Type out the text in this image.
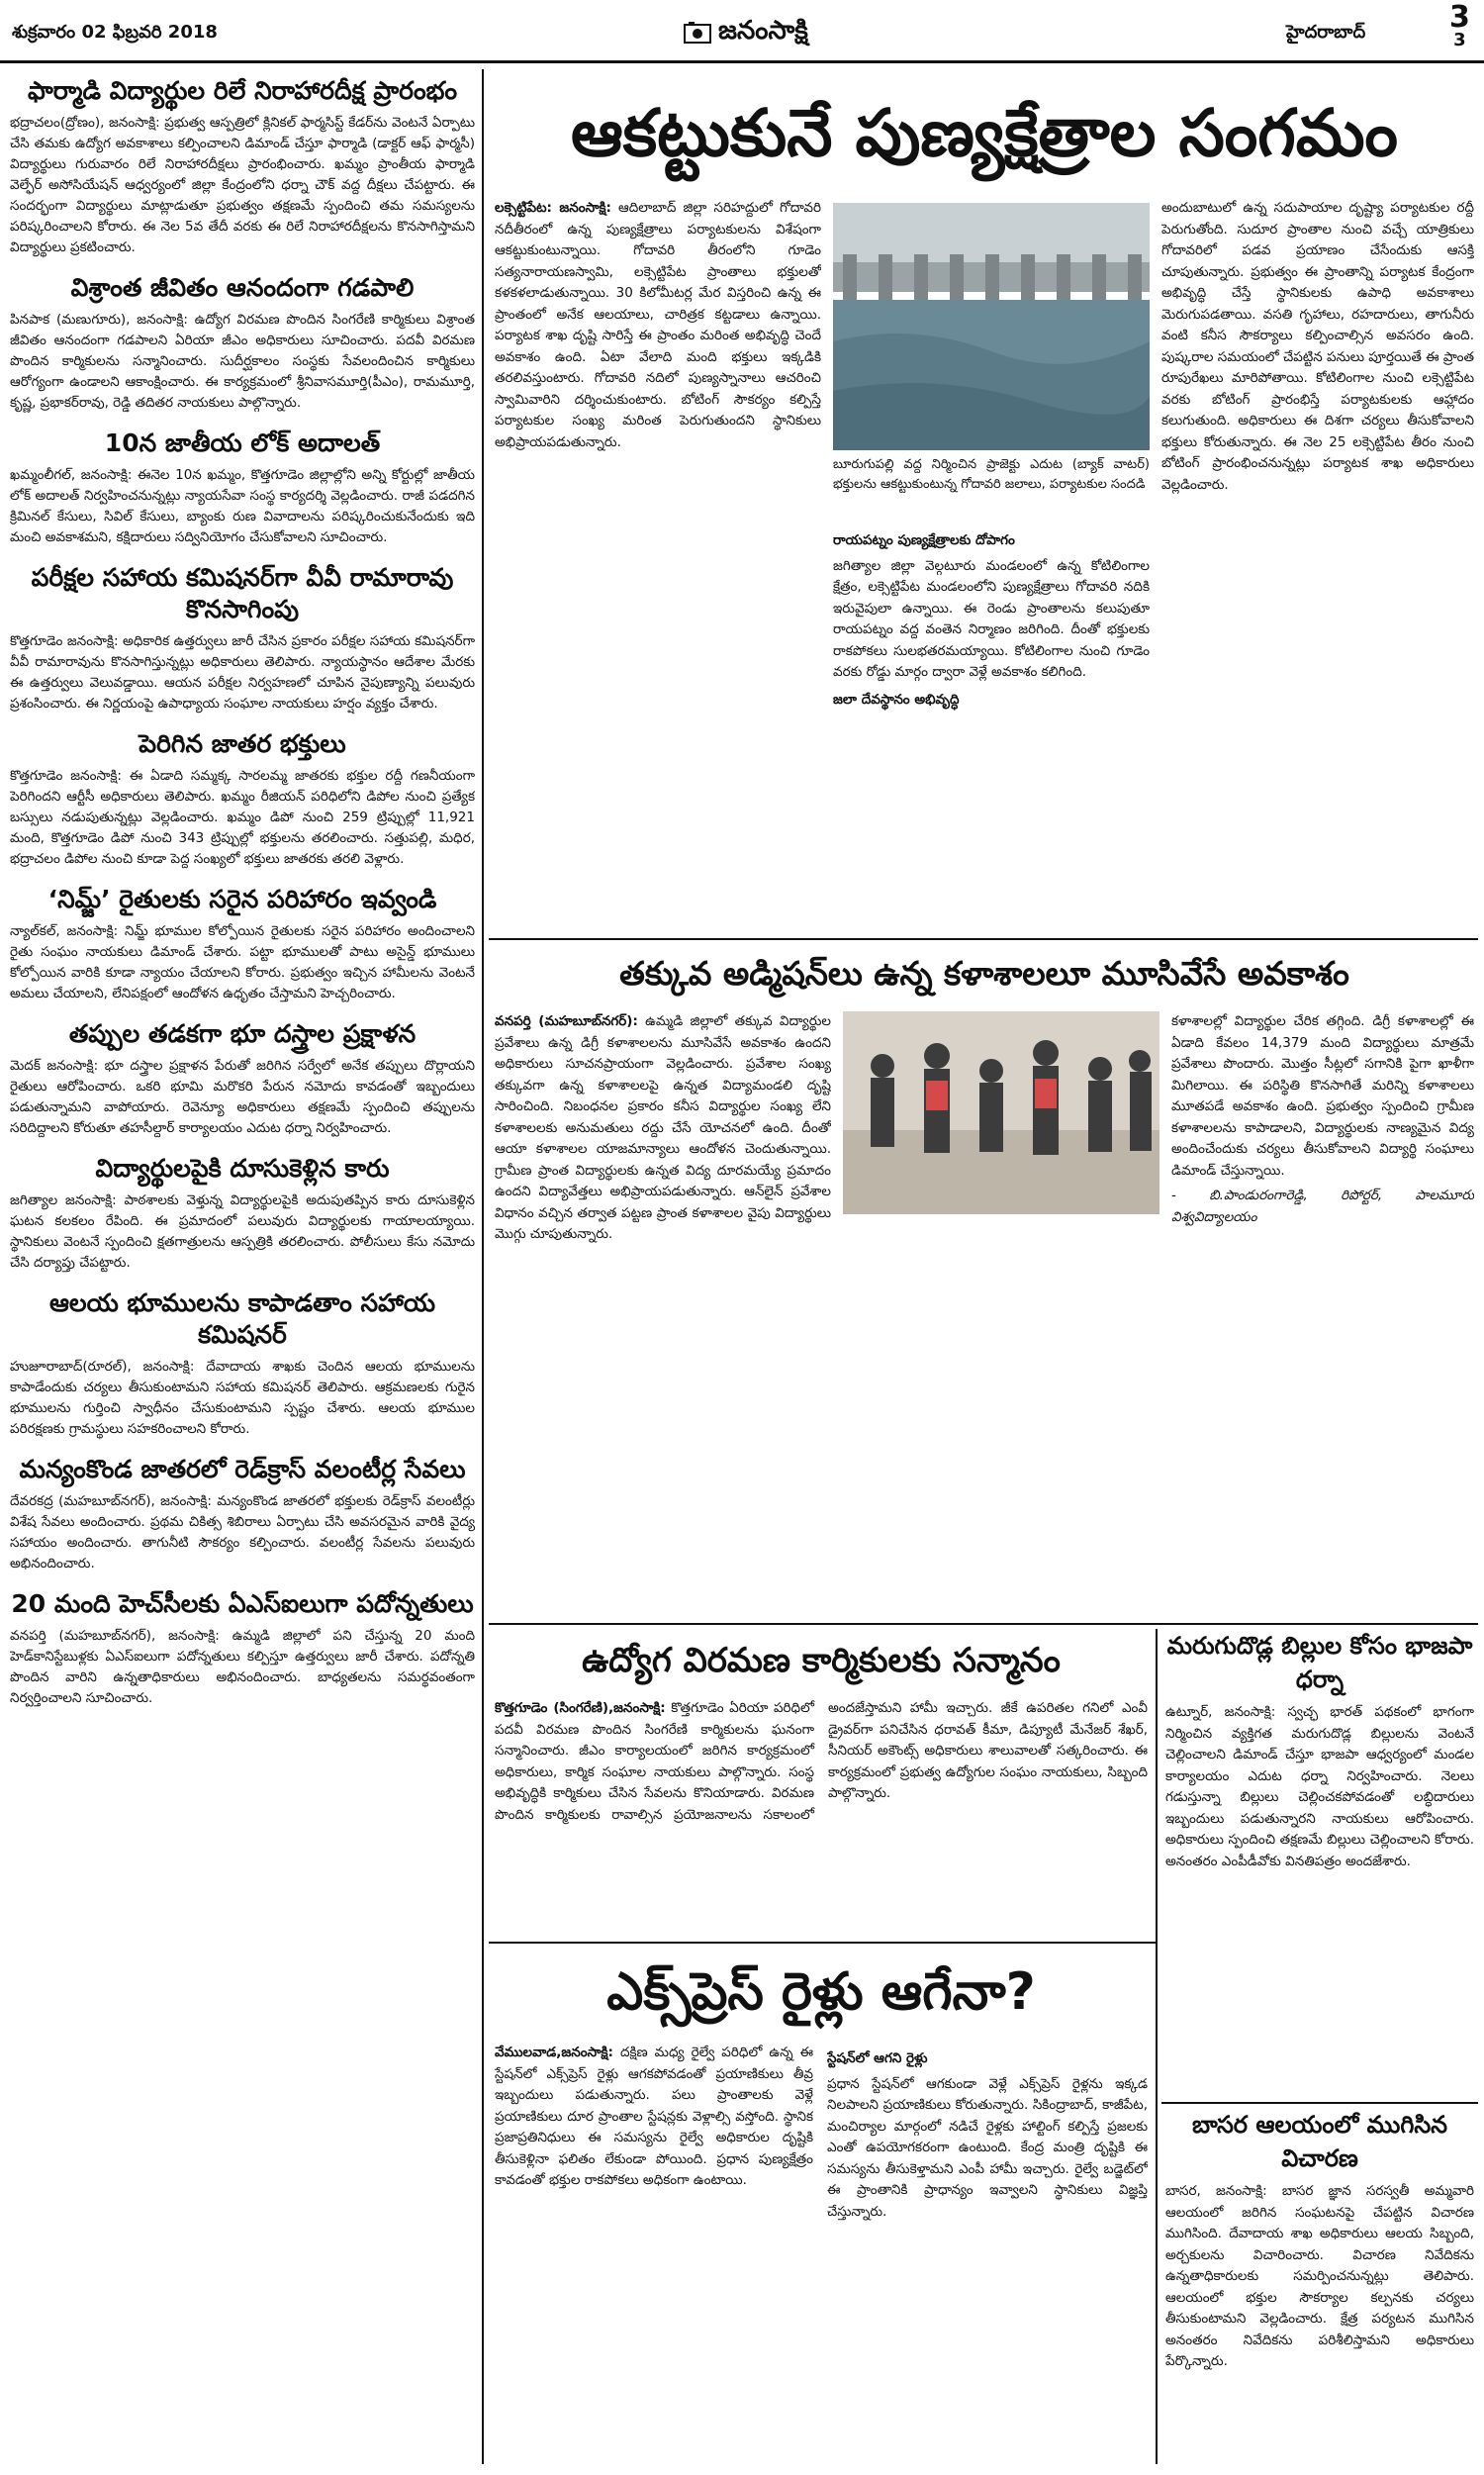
శుక్రవారం 02 ఫిబ్రవరి 2018	జనంసాక్షి	హైదరాబాద్	3
3
ఫార్మాడి విద్యార్థుల రిలే నిరాహారదీక్ష ప్రారంభం

భద్రాచలం(ద్రోణం), జనంసాక్షి: ప్రభుత్వ ఆస్పత్రిలో క్లినికల్ ఫార్మసిస్ట్ కేడర్‌ను వెంటనే ఏర్పాటు చేసి తమకు ఉద్యోగ అవకాశాలు కల్పించాలని డిమాండ్ చేస్తూ ఫార్మాడి (డాక్టర్ ఆఫ్ ఫార్మసీ) విద్యార్థులు గురువారం రిలే నిరాహారదీక్షలు ప్రారంభించారు. ఖమ్మం ప్రాంతీయ ఫార్మాడి వెల్ఫేర్ అసోసియేషన్ ఆధ్వర్యంలో జిల్లా కేంద్రంలోని ధర్నా చౌక్ వద్ద దీక్షలు చేపట్టారు. ఈ సందర్భంగా విద్యార్థులు మాట్లాడుతూ ప్రభుత్వం తక్షణమే స్పందించి తమ సమస్యలను పరిష్కరించాలని కోరారు. ఈ నెల 5వ తేదీ వరకు ఈ రిలే నిరాహారదీక్షలను కొనసాగిస్తామని విద్యార్థులు ప్రకటించారు.

విశ్రాంత జీవితం ఆనందంగా గడపాలి

పినపాక (మణుగూరు), జనంసాక్షి: ఉద్యోగ విరమణ పొందిన సింగరేణి కార్మికులు విశ్రాంత జీవితం ఆనందంగా గడపాలని ఏరియా జీఎం అధికారులు సూచించారు. పదవీ విరమణ పొందిన కార్మికులను సన్మానించారు. సుదీర్ఘకాలం సంస్థకు సేవలందించిన కార్మికులు ఆరోగ్యంగా ఉండాలని ఆకాంక్షించారు. ఈ కార్యక్రమంలో శ్రీనివాసమూర్తి(పీఎం), రామమూర్తి, కృష్ణ, ప్రభాకర్‌రావు, రెడ్డి తదితర నాయకులు పాల్గొన్నారు.

10న జాతీయ లోక్ అదాలత్

ఖమ్మంలీగల్, జనంసాక్షి: ఈనెల 10న ఖమ్మం, కొత్తగూడెం జిల్లాల్లోని అన్ని కోర్టుల్లో జాతీయ లోక్ అదాలత్ నిర్వహించనున్నట్లు న్యాయసేవా సంస్థ కార్యదర్శి వెల్లడించారు. రాజీ పడదగిన క్రిమినల్ కేసులు, సివిల్ కేసులు, బ్యాంకు రుణ వివాదాలను పరిష్కరించుకునేందుకు ఇది మంచి అవకాశమని, కక్షిదారులు సద్వినియోగం చేసుకోవాలని సూచించారు.

పరీక్షల సహాయ కమిషనర్‌గా వీవీ రామారావు కొనసాగింపు

కొత్తగూడెం జనంసాక్షి: అధికారిక ఉత్తర్వులు జారీ చేసిన ప్రకారం పరీక్షల సహాయ కమిషనర్‌గా వీవీ రామారావును కొనసాగిస్తున్నట్లు అధికారులు తెలిపారు. న్యాయస్థానం ఆదేశాల మేరకు ఈ ఉత్తర్వులు వెలువడ్డాయి. ఆయన పరీక్షల నిర్వహణలో చూపిన నైపుణ్యాన్ని పలువురు ప్రశంసించారు. ఈ నిర్ణయంపై ఉపాధ్యాయ సంఘాల నాయకులు హర్షం వ్యక్తం చేశారు.

పెరిగిన జాతర భక్తులు

కొత్తగూడెం జనంసాక్షి: ఈ ఏడాది సమ్మక్క సారలమ్మ జాతరకు భక్తుల రద్దీ గణనీయంగా పెరిగిందని ఆర్టీసీ అధికారులు తెలిపారు. ఖమ్మం రీజియన్ పరిధిలోని డిపోల నుంచి ప్రత్యేక బస్సులు నడుపుతున్నట్లు వెల్లడించారు. ఖమ్మం డిపో నుంచి 259 ట్రిప్పుల్లో 11,921 మంది, కొత్తగూడెం డిపో నుంచి 343 ట్రిప్పుల్లో భక్తులను తరలించారు. సత్తుపల్లి, మధిర, భద్రాచలం డిపోల నుంచి కూడా పెద్ద సంఖ్యలో భక్తులు జాతరకు తరలి వెళ్లారు.

‘నిమ్జ్’ రైతులకు సరైన పరిహారం ఇవ్వండి

న్యాల్‌కల్, జనంసాక్షి: నిమ్జ్ భూముల కోల్పోయిన రైతులకు సరైన పరిహారం అందించాలని రైతు సంఘం నాయకులు డిమాండ్ చేశారు. పట్టా భూములతో పాటు అసైన్డ్ భూములు కోల్పోయిన వారికి కూడా న్యాయం చేయాలని కోరారు. ప్రభుత్వం ఇచ్చిన హామీలను వెంటనే అమలు చేయాలని, లేనిపక్షంలో ఆందోళన ఉధృతం చేస్తామని హెచ్చరించారు.

తప్పుల తడకగా భూ దస్త్రాల ప్రక్షాళన

మెదక్ జనంసాక్షి: భూ దస్త్రాల ప్రక్షాళన పేరుతో జరిగిన సర్వేలో అనేక తప్పులు దొర్లాయని రైతులు ఆరోపించారు. ఒకరి భూమి మరొకరి పేరున నమోదు కావడంతో ఇబ్బందులు పడుతున్నామని వాపోయారు. రెవెన్యూ అధికారులు తక్షణమే స్పందించి తప్పులను సరిదిద్దాలని కోరుతూ తహసీల్దార్ కార్యాలయం ఎదుట ధర్నా నిర్వహించారు.

విద్యార్థులపైకి దూసుకెళ్లిన కారు

జగిత్యాల జనంసాక్షి: పాఠశాలకు వెళ్తున్న విద్యార్థులపైకి అదుపుతప్పిన కారు దూసుకెళ్లిన ఘటన కలకలం రేపింది. ఈ ప్రమాదంలో పలువురు విద్యార్థులకు గాయాలయ్యాయి. స్థానికులు వెంటనే స్పందించి క్షతగాత్రులను ఆస్పత్రికి తరలించారు. పోలీసులు కేసు నమోదు చేసి దర్యాప్తు చేపట్టారు.

ఆలయ భూములను కాపాడతాం సహాయ కమిషనర్

హుజూరాబాద్(రూరల్), జనంసాక్షి: దేవాదాయ శాఖకు చెందిన ఆలయ భూములను కాపాడేందుకు చర్యలు తీసుకుంటామని సహాయ కమిషనర్ తెలిపారు. ఆక్రమణలకు గురైన భూములను గుర్తించి స్వాధీనం చేసుకుంటామని స్పష్టం చేశారు. ఆలయ భూముల పరిరక్షణకు గ్రామస్థులు సహకరించాలని కోరారు.

మన్యంకొండ జాతరలో రెడ్‌క్రాస్ వలంటీర్ల సేవలు

దేవరకద్ర (మహబూబ్‌నగర్), జనంసాక్షి: మన్యంకొండ జాతరలో భక్తులకు రెడ్‌క్రాస్ వలంటీర్లు విశేష సేవలు అందించారు. ప్రథమ చికిత్స శిబిరాలు ఏర్పాటు చేసి అవసరమైన వారికి వైద్య సహాయం అందించారు. తాగునీటి సౌకర్యం కల్పించారు. వలంటీర్ల సేవలను పలువురు అభినందించారు.

20 మంది హెచ్‌సీలకు ఏఎస్ఐలుగా పదోన్నతులు

వనపర్తి (మహబూబ్‌నగర్), జనంసాక్షి: ఉమ్మడి జిల్లాలో పని చేస్తున్న 20 మంది హెడ్‌కానిస్టేబుళ్లకు ఏఎస్ఐలుగా పదోన్నతులు కల్పిస్తూ ఉత్తర్వులు జారీ చేశారు. పదోన్నతి పొందిన వారిని ఉన్నతాధికారులు అభినందించారు. బాధ్యతలను సమర్థవంతంగా నిర్వర్తించాలని సూచించారు.

ఆకట్టుకునే పుణ్యక్షేత్రాల సంగమం

లక్సెట్టిపేట: జనంసాక్షి: ఆదిలాబాద్ జిల్లా సరిహద్దులో గోదావరి నదీతీరంలో ఉన్న పుణ్యక్షేత్రాలు పర్యాటకులను విశేషంగా ఆకట్టుకుంటున్నాయి. గోదావరి తీరంలోని గూడెం సత్యనారాయణస్వామి, లక్సెట్టిపేట ప్రాంతాలు భక్తులతో కళకళలాడుతున్నాయి. 30 కిలోమీటర్ల మేర విస్తరించి ఉన్న ఈ ప్రాంతంలో అనేక ఆలయాలు, చారిత్రక కట్టడాలు ఉన్నాయి. పర్యాటక శాఖ దృష్టి సారిస్తే ఈ ప్రాంతం మరింత అభివృద్ధి చెందే అవకాశం ఉంది. ఏటా వేలాది మంది భక్తులు ఇక్కడికి తరలివస్తుంటారు. గోదావరి నదిలో పుణ్యస్నానాలు ఆచరించి స్వామివారిని దర్శించుకుంటారు. బోటింగ్ సౌకర్యం కల్పిస్తే పర్యాటకుల సంఖ్య మరింత పెరుగుతుందని స్థానికులు అభిప్రాయపడుతున్నారు.

బూరుగుపల్లి వద్ద నిర్మించిన ప్రాజెక్టు ఎదుట (బ్యాక్ వాటర్) భక్తులను ఆకట్టుకుంటున్న గోదావరి జలాలు, పర్యాటకుల సందడి

రాయపట్నం పుణ్యక్షేత్రాలకు దోపాగం

జగిత్యాల జిల్లా వెల్గటూరు మండలంలో ఉన్న కోటిలింగాల క్షేత్రం, లక్సెట్టిపేట మండలంలోని పుణ్యక్షేత్రాలు గోదావరి నదికి ఇరువైపులా ఉన్నాయి. ఈ రెండు ప్రాంతాలను కలుపుతూ రాయపట్నం వద్ద వంతెన నిర్మాణం జరిగింది. దీంతో భక్తులకు రాకపోకలు సులభతరమయ్యాయి. కోటిలింగాల నుంచి గూడెం వరకు రోడ్డు మార్గం ద్వారా వెళ్లే అవకాశం కలిగింది.

జలా దేవస్థానం అభివృద్ధి

అందుబాటులో ఉన్న సదుపాయాల దృష్ట్యా పర్యాటకుల రద్దీ పెరుగుతోంది. సుదూర ప్రాంతాల నుంచి వచ్చే యాత్రికులు గోదావరిలో పడవ ప్రయాణం చేసేందుకు ఆసక్తి చూపుతున్నారు. ప్రభుత్వం ఈ ప్రాంతాన్ని పర్యాటక కేంద్రంగా అభివృద్ధి చేస్తే స్థానికులకు ఉపాధి అవకాశాలు మెరుగుపడతాయి. వసతి గృహాలు, రహదారులు, తాగునీరు వంటి కనీస సౌకర్యాలు కల్పించాల్సిన అవసరం ఉంది. పుష్కరాల సమయంలో చేపట్టిన పనులు పూర్తయితే ఈ ప్రాంత రూపురేఖలు మారిపోతాయి. కోటిలింగాల నుంచి లక్సెట్టిపేట వరకు బోటింగ్ ప్రారంభిస్తే పర్యాటకులకు ఆహ్లాదం కలుగుతుంది. అధికారులు ఈ దిశగా చర్యలు తీసుకోవాలని భక్తులు కోరుతున్నారు. ఈ నెల 25 లక్సెట్టిపేట తీరం నుంచి బోటింగ్ ప్రారంభించనున్నట్లు పర్యాటక శాఖ అధికారులు వెల్లడించారు.

తక్కువ అడ్మిషన్‌లు ఉన్న కళాశాలలూ మూసివేసే అవకాశం

వనపర్తి (మహబూబ్‌నగర్): ఉమ్మడి జిల్లాలో తక్కువ విద్యార్థుల ప్రవేశాలు ఉన్న డిగ్రీ కళాశాలలను మూసివేసే అవకాశం ఉందని అధికారులు సూచనప్రాయంగా వెల్లడించారు. ప్రవేశాల సంఖ్య తక్కువగా ఉన్న కళాశాలలపై ఉన్నత విద్యామండలి దృష్టి సారించింది. నిబంధనల ప్రకారం కనీస విద్యార్థుల సంఖ్య లేని కళాశాలలకు అనుమతులు రద్దు చేసే యోచనలో ఉంది. దీంతో ఆయా కళాశాలల యాజమాన్యాలు ఆందోళన చెందుతున్నాయి. గ్రామీణ ప్రాంత విద్యార్థులకు ఉన్నత విద్య దూరమయ్యే ప్రమాదం ఉందని విద్యావేత్తలు అభిప్రాయపడుతున్నారు. ఆన్‌లైన్ ప్రవేశాల విధానం వచ్చిన తర్వాత పట్టణ ప్రాంత కళాశాలల వైపు విద్యార్థులు మొగ్గు చూపుతున్నారు.

కళాశాలల్లో విద్యార్థుల చేరిక తగ్గింది. డిగ్రీ కళాశాలల్లో ఈ ఏడాది కేవలం 14,379 మంది విద్యార్థులు మాత్రమే ప్రవేశాలు పొందారు. మొత్తం సీట్లలో సగానికి పైగా ఖాళీగా మిగిలాయి. ఈ పరిస్థితి కొనసాగితే మరిన్ని కళాశాలలు మూతపడే అవకాశం ఉంది. ప్రభుత్వం స్పందించి గ్రామీణ కళాశాలలను కాపాడాలని, విద్యార్థులకు నాణ్యమైన విద్య అందించేందుకు చర్యలు తీసుకోవాలని విద్యార్థి సంఘాలు డిమాండ్ చేస్తున్నాయి.

- బి.పాండురంగారెడ్డి, రిపోర్టర్, పాలమూరు విశ్వవిద్యాలయం

ఉద్యోగ విరమణ కార్మికులకు సన్మానం

కొత్తగూడెం (సింగరేణి),జనంసాక్షి: కొత్తగూడెం ఏరియా పరిధిలో పదవీ విరమణ పొందిన సింగరేణి కార్మికులను ఘనంగా సన్మానించారు. జీఎం కార్యాలయంలో జరిగిన కార్యక్రమంలో అధికారులు, కార్మిక సంఘాల నాయకులు పాల్గొన్నారు. సంస్థ అభివృద్ధికి కార్మికులు చేసిన సేవలను కొనియాడారు. విరమణ పొందిన కార్మికులకు రావాల్సిన ప్రయోజనాలను సకాలంలో అందజేస్తామని హామీ ఇచ్చారు. జీకే ఉపరితల గనిలో ఎంవీ డ్రైవర్‌గా పనిచేసిన ధరావత్ కీమా, డిప్యూటీ మేనేజర్ శేఖర్, సీనియర్ అకౌంట్స్ అధికారులు శాలువాలతో సత్కరించారు. ఈ కార్యక్రమంలో ప్రభుత్వ ఉద్యోగుల సంఘం నాయకులు, సిబ్బంది పాల్గొన్నారు.

మరుగుదొడ్ల బిల్లుల కోసం భాజపా ధర్నా
ఉట్నూర్, జనంసాక్షి: స్వచ్ఛ భారత్ పథకంలో భాగంగా నిర్మించిన వ్యక్తిగత మరుగుదొడ్ల బిల్లులను వెంటనే చెల్లించాలని డిమాండ్ చేస్తూ భాజపా ఆధ్వర్యంలో మండల కార్యాలయం ఎదుట ధర్నా నిర్వహించారు. నెలలు గడుస్తున్నా బిల్లులు చెల్లించకపోవడంతో లబ్ధిదారులు ఇబ్బందులు పడుతున్నారని నాయకులు ఆరోపించారు. అధికారులు స్పందించి తక్షణమే బిల్లులు చెల్లించాలని కోరారు. అనంతరం ఎంపీడీవోకు వినతిపత్రం అందజేశారు.
బాసర ఆలయంలో ముగిసిన విచారణ
బాసర, జనంసాక్షి: బాసర జ్ఞాన సరస్వతీ అమ్మవారి ఆలయంలో జరిగిన సంఘటనపై చేపట్టిన విచారణ ముగిసింది. దేవాదాయ శాఖ అధికారులు ఆలయ సిబ్బంది, అర్చకులను విచారించారు. విచారణ నివేదికను ఉన్నతాధికారులకు సమర్పించనున్నట్లు తెలిపారు. ఆలయంలో భక్తుల సౌకర్యాల కల్పనకు చర్యలు తీసుకుంటామని వెల్లడించారు. క్షేత్ర పర్యటన ముగిసిన అనంతరం నివేదికను పరిశీలిస్తామని అధికారులు పేర్కొన్నారు.
ఎక్స్‌ప్రెస్ రైళ్లు ఆగేనా?

వేములవాడ,జనంసాక్షి: దక్షిణ మధ్య రైల్వే పరిధిలో ఉన్న ఈ స్టేషన్‌లో ఎక్స్‌ప్రెస్ రైళ్లు ఆగకపోవడంతో ప్రయాణికులు తీవ్ర ఇబ్బందులు పడుతున్నారు. పలు ప్రాంతాలకు వెళ్లే ప్రయాణికులు దూర ప్రాంతాల స్టేషన్లకు వెళ్లాల్సి వస్తోంది. స్థానిక ప్రజాప్రతినిధులు ఈ సమస్యను రైల్వే అధికారుల దృష్టికి తీసుకెళ్లినా ఫలితం లేకుండా పోయింది. ప్రధాన పుణ్యక్షేత్రం కావడంతో భక్తుల రాకపోకలు అధికంగా ఉంటాయి.

స్టేషన్‌లో ఆగని రైళ్లు

ప్రధాన స్టేషన్‌లో ఆగకుండా వెళ్లే ఎక్స్‌ప్రెస్ రైళ్లను ఇక్కడ నిలపాలని ప్రయాణికులు కోరుతున్నారు. సికింద్రాబాద్, కాజీపేట, మంచిర్యాల మార్గంలో నడిచే రైళ్లకు హాల్టింగ్ కల్పిస్తే ప్రజలకు ఎంతో ఉపయోగకరంగా ఉంటుంది. కేంద్ర మంత్రి దృష్టికి ఈ సమస్యను తీసుకెళ్తామని ఎంపీ హామీ ఇచ్చారు. రైల్వే బడ్జెట్‌లో ఈ ప్రాంతానికి ప్రాధాన్యం ఇవ్వాలని స్థానికులు విజ్ఞప్తి చేస్తున్నారు.
